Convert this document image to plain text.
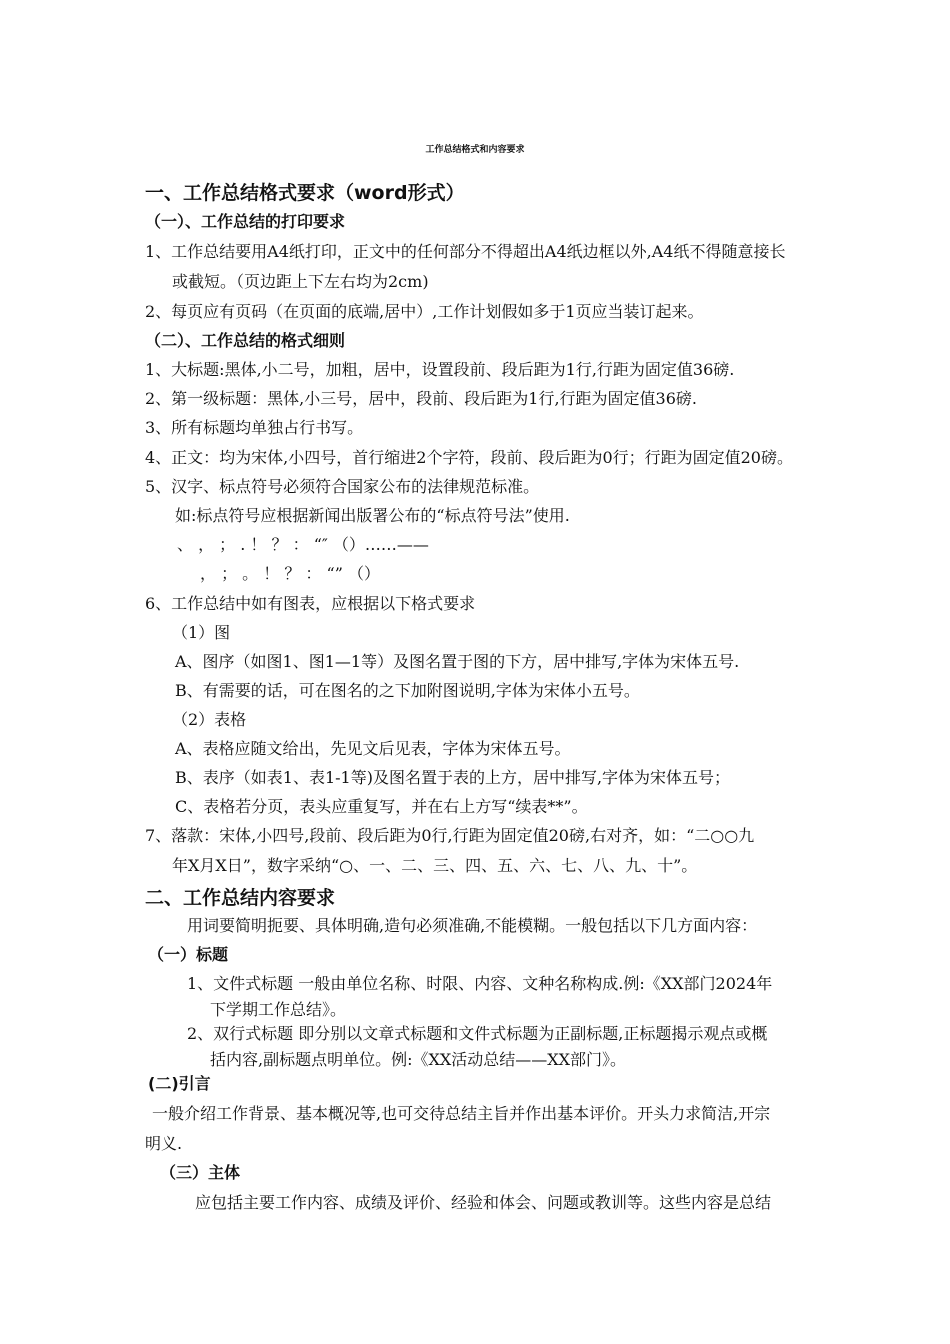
工作总结格式和内容要求
一、工作总结格式要求（word形式）
（一）、工作总结的打印要求
1、工作总结要用A4纸打印，正文中的任何部分不得超出A4纸边框以外,A4纸不得随意接长
或截短。（页边距上下左右均为2cm)
2、每页应有页码（在页面的底端,居中）,工作计划假如多于1页应当装订起来。
（二）、工作总结的格式细则
1、大标题:黑体,小二号，加粗，居中，设置段前、段后距为1行,行距为固定值36磅.
2、第一级标题：黑体,小三号，居中，段前、段后距为1行,行距为固定值36磅.
3、所有标题均单独占行书写。
4、正文：均为宋体,小四号，首行缩进2个字符，段前、段后距为0行；行距为固定值20磅。
5、汉字、标点符号必须符合国家公布的法律规范标准。
如:标点符号应根据新闻出版署公布的“标点符号法”使用.
、 ， ； . ！ ？ ： “″ （）……——
， ； 。 ！ ？ ： “” （）
6、工作总结中如有图表，应根据以下格式要求
（1）图
A、图序（如图1、图1—1等）及图名置于图的下方，居中排写,字体为宋体五号.
B、有需要的话，可在图名的之下加附图说明,字体为宋体小五号。
（2）表格
A、表格应随文给出，先见文后见表，字体为宋体五号。
B、表序（如表1、表1-1等)及图名置于表的上方，居中排写,字体为宋体五号；
C、表格若分页，表头应重复写，并在右上方写“续表**”。
7、落款：宋体,小四号,段前、段后距为0行,行距为固定值20磅,右对齐，如：“二○○九
年X月X日”，数字采纳“○、一、二、三、四、五、六、七、八、九、十”。
二、工作总结内容要求
用词要简明扼要、具体明确,造句必须准确,不能模糊。一般包括以下几方面内容：
（一）标题
1、文件式标题 一般由单位名称、时限、内容、文种名称构成.例:《XX部门2024年
下学期工作总结》。
2、双行式标题 即分别以文章式标题和文件式标题为正副标题,正标题揭示观点或概
括内容,副标题点明单位。例:《XX活动总结——XX部门》。
(二)引言
一般介绍工作背景、基本概况等,也可交待总结主旨并作出基本评价。开头力求简洁,开宗
明义.
（三）主体
应包括主要工作内容、成绩及评价、经验和体会、问题或教训等。这些内容是总结
